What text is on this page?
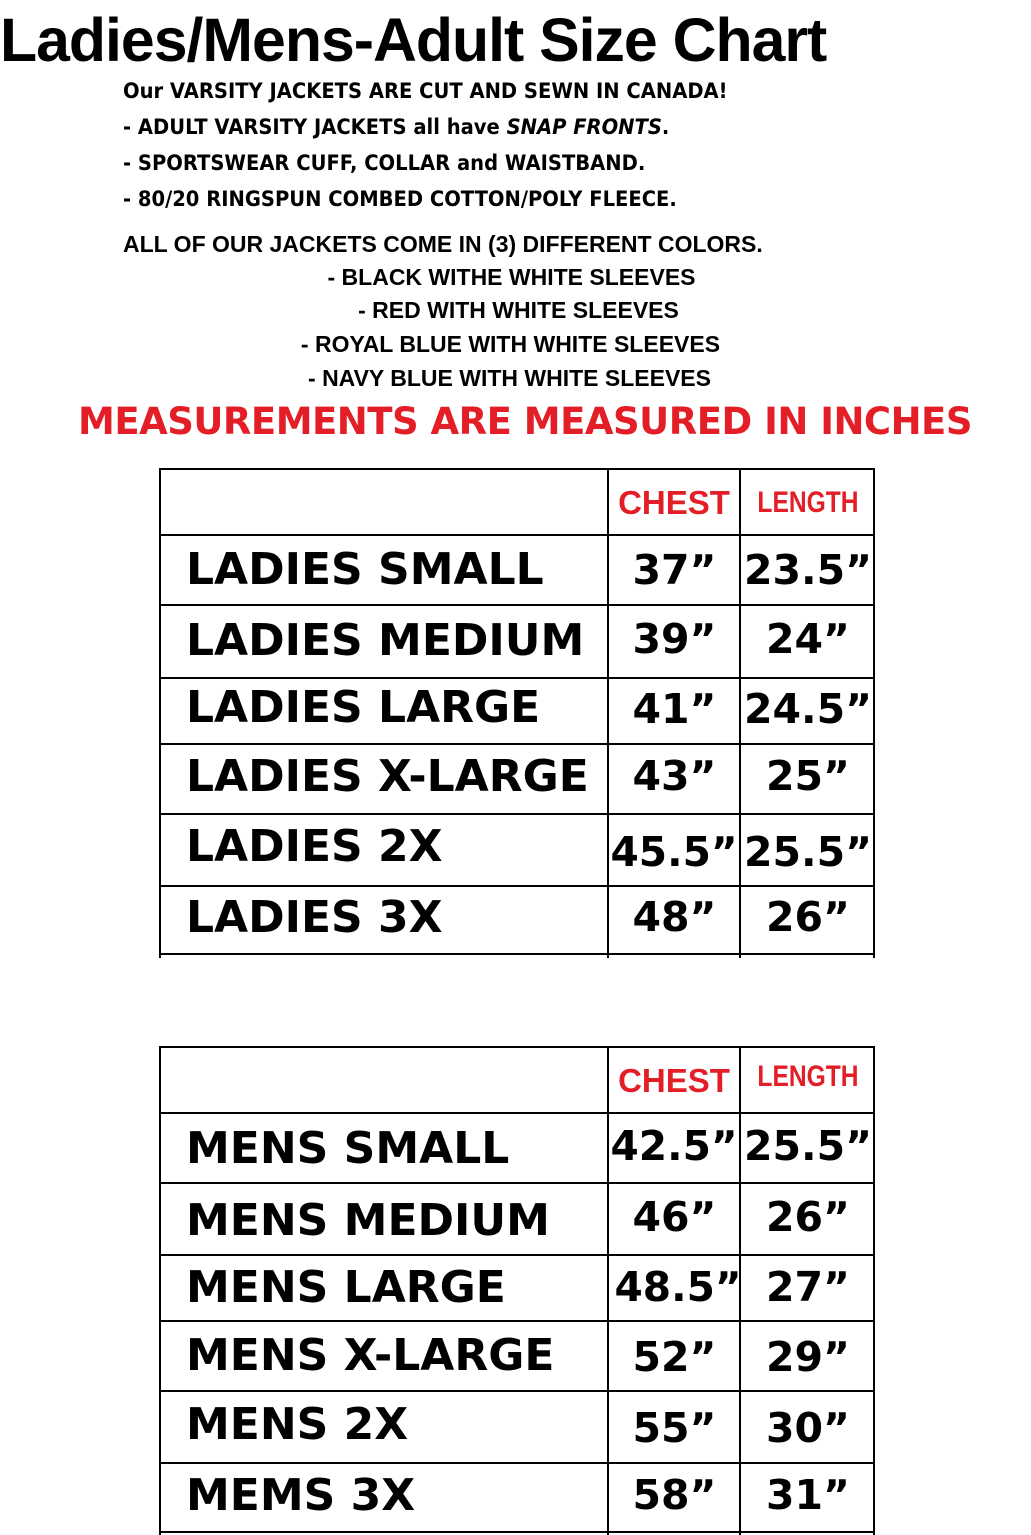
Ladies/Mens-Adult Size Chart
Our VARSITY JACKETS ARE CUT AND SEWN IN CANADA!
- ADULT VARSITY JACKETS all have SNAP FRONTS.
- SPORTSWEAR CUFF, COLLAR and WAISTBAND.
- 80/20 RINGSPUN COMBED COTTON/POLY FLEECE.
ALL OF OUR JACKETS COME IN (3) DIFFERENT COLORS.
- BLACK WITHE WHITE SLEEVES
- RED WITH WHITE SLEEVES
- ROYAL BLUE WITH WHITE SLEEVES
- NAVY BLUE WITH WHITE SLEEVES
MEASUREMENTS ARE MEASURED IN INCHES
CHEST LENGTH
LADIES SMALL	37” 23.5”
LADIES MEDIUM	39”	24”
LADIES LARGE	41” 24.5”
LADIES X-LARGE	43”	25”
LADIES 2X	45.5” 25.5”
LADIES 3X	48”	26”
CHEST LENGTH
MENS SMALL 42.5” 25.5”
MENS MEDIUM	46”	26”
MENS LARGE	48.5” 27”
MENS X-LARGE	52”	29”
MENS 2X	55”	30”
MEMS 3X	58”	31”
